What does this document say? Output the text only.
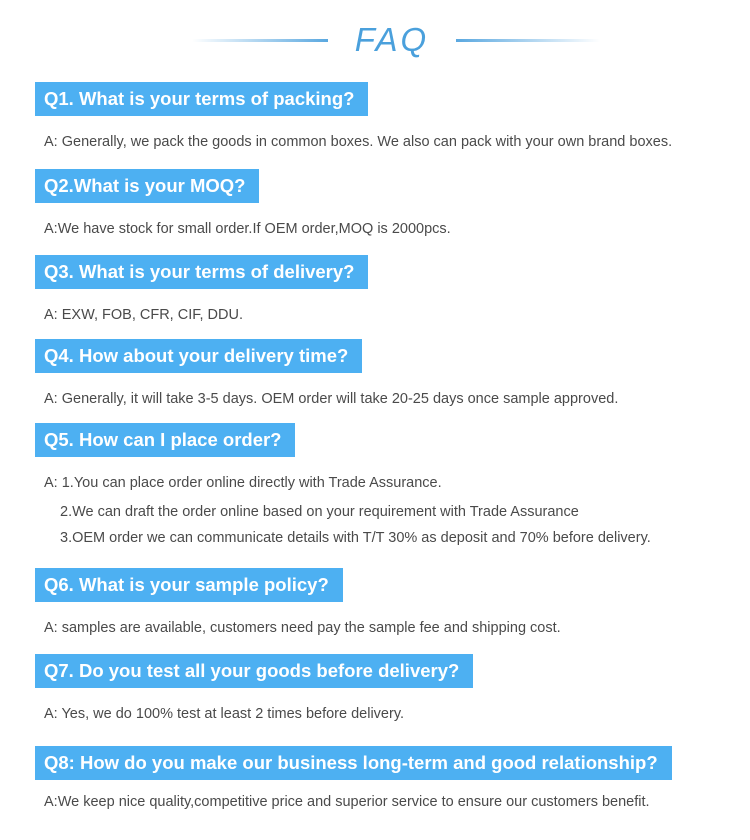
FAQ
Q1. What is your terms of packing?
A: Generally, we pack the goods in common boxes. We also can pack with your own brand boxes.
Q2.What is your MOQ?
A:We have stock for small order.If OEM order,MOQ is 2000pcs.
Q3. What is your terms of delivery?
A: EXW, FOB, CFR, CIF, DDU.
Q4. How about your delivery time?
A: Generally, it will take 3-5 days. OEM order will take 20-25 days once sample approved.
Q5. How can I place order?
A: 1.You can place order online directly with Trade Assurance.
2.We can draft the order online based on your requirement with Trade Assurance
3.OEM order we can communicate details with T/T 30% as deposit and 70% before delivery.
Q6. What is your sample policy?
A: samples are available, customers need pay the sample fee and shipping cost.
Q7. Do you test all your goods before delivery?
A: Yes, we do 100% test at least 2 times before delivery.
Q8: How do you make our business long-term and good relationship?
A:We keep nice quality,competitive price and superior service to ensure our customers benefit.
